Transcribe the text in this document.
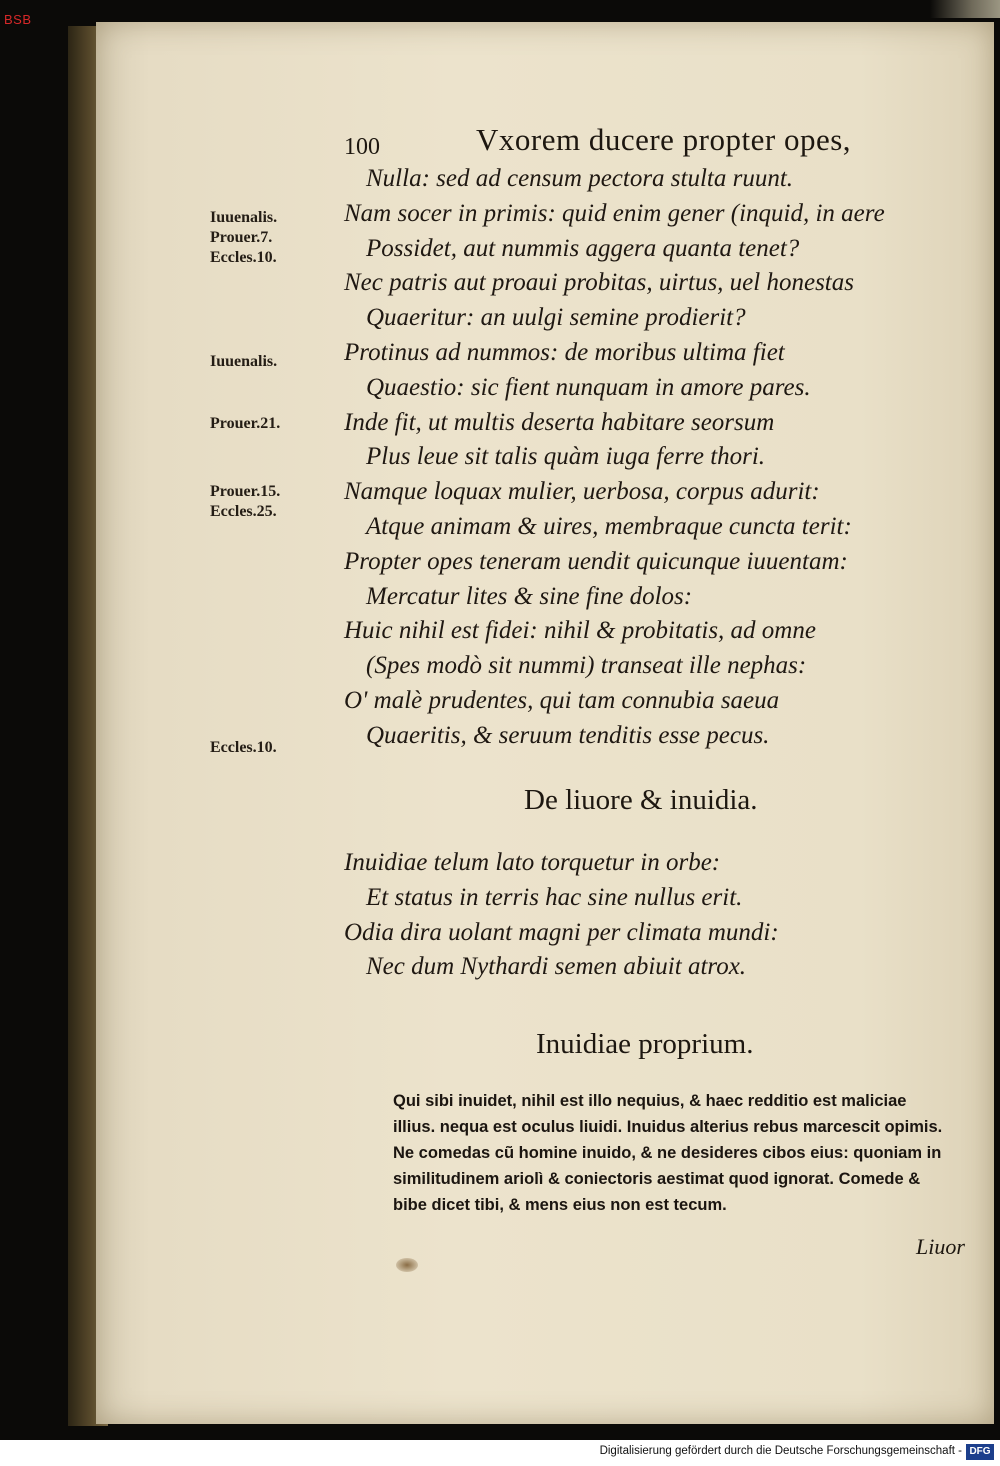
BSB
100	Vxorem ducere propter opes,
Nulla: sed ad censum pectora stulta ruunt.
Nam socer in primis: quid enim gener (inquid, in aere
Possidet, aut nummis aggera quanta tenet?
Nec patris aut proaui probitas, uirtus, uel honestas
Quaeritur: an uulgi semine prodierit?
Protinus ad nummos: de moribus ultima fiet
Quaestio: sic fient nunquam in amore pares.
Inde fit, ut multis deserta habitare seorsum
Plus leue sit talis quàm iuga ferre thori.
Namque loquax mulier, uerbosa, corpus adurit:
Atque animam & uires, membraque cuncta terit:
Propter opes teneram uendit quicunque iuuentam:
Mercatur lites & sine fine dolos:
Huic nihil est fidei: nihil & probitatis, ad omne
(Spes modò sit nummi) transeat ille nephas:
O' malè prudentes, qui tam connubia saeua
Quaeritis, & seruum tenditis esse pecus.
Iuuenalis.
Prouer.7.
Eccles.10.
Iuuenalis.
Prouer.21.
Prouer.15.
Eccles.25.
Eccles.10.
De liuore & inuidia.
Inuidiae telum lato torquetur in orbe:
Et status in terris hac sine nullus erit.
Odia dira uolant magni per climata mundi:
Nec dum Nythardi semen abiuit atrox.
Inuidiae proprium.
Qui sibi inuidet, nihil est illo nequius, & haec redditio est maliciae illius. nequa est oculus liuidi. Inuidus alterius rebus marcescit opimis. Ne comedas cũ homine inuido, & ne desideres cibos eius: quoniam in similitudinem ariolì & coniectoris aestimat quod ignorat. Comede & bibe dicet tibi, & mens eius non est tecum.
Liuor
Digitalisierung gefördert durch die Deutsche Forschungsgemeinschaft - DFG
